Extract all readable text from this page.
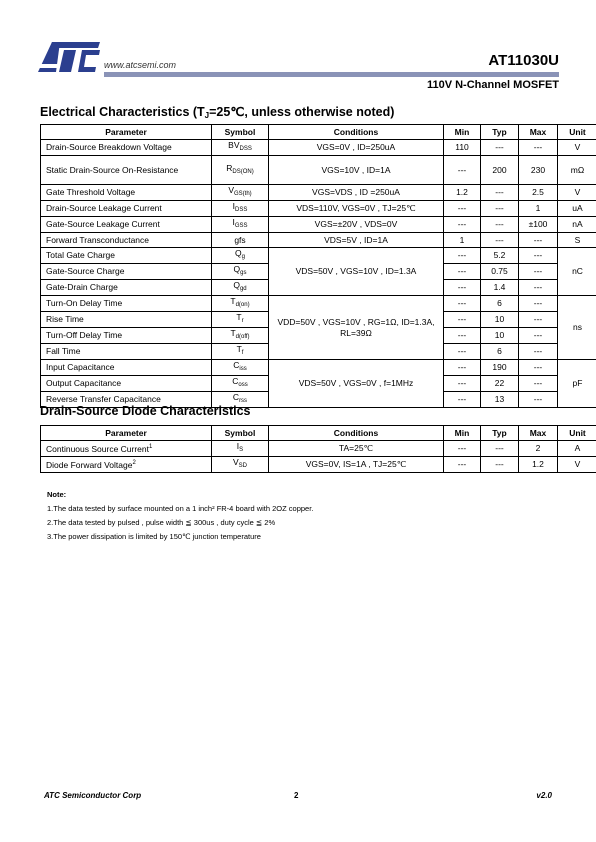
www.atcsemi.com	AT11030U
110V N-Channel MOSFET
Electrical Characteristics ($T_J=25℃$, unless otherwise noted)
Parameter	Symbol	Conditions	Min	Typ	Max	Unit
Drain-Source Breakdown Voltage	$BV_{DSS}$	VGS=0V , ID=250uA	110	---	---	V
Static Drain-Source On-Resistance	$R_{DS(ON)}$	VGS=10V , ID=1A	---	200	230	mΩ
Gate Threshold Voltage	$V_{GS(th)}$	VGS=VDS , ID =250uA	1.2	---	2.5	V
Drain-Source Leakage Current	$I_{DSS}$	VDS=110V, VGS=0V , TJ=25℃	---	---	1	uA
Gate-Source Leakage Current	$I_{GSS}$	VGS=±20V , VDS=0V	---	---	±100	nA
Forward Transconductance	gfs	VDS=5V , ID=1A	1	---	---	S
Total Gate Charge	$Q_g$	VDS=50V , VGS=10V , ID=1.3A	---	5.2	---	nC
Gate-Source Charge	$Q_{gs}$		---	0.75	---	
Gate-Drain Charge	$Q_{gd}$		---	1.4	---	
Turn-On Delay Time	$T_{d(on)}$	VDD=50V , VGS=10V , RG=1Ω, ID=1.3A, RL=39Ω	---	6	---	ns
Rise Time	$T_r$		---	10	---	
Turn-Off Delay Time	$T_{d(off)}$		---	10	---	
Fall Time	$T_f$		---	6	---	
Input Capacitance	$C_{iss}$	VDS=50V , VGS=0V , f=1MHz	---	190	---	pF
Output Capacitance	$C_{oss}$		---	22	---	
Reverse Transfer Capacitance	$C_{rss}$		---	13	---	
Drain-Source Diode Characteristics
Parameter	Symbol	Conditions	Min	Typ	Max	Unit
Continuous Source Current$^1$	$I_S$	TA=25℃	---	---	2	A
Diode Forward Voltage$^2$	$V_{SD}$	VGS=0V, IS=1A , TJ=25℃	---	---	1.2	V
Note:
1.The data tested by surface mounted on a 1 inch² FR-4 board with 2OZ copper.
2.The data tested by pulsed , pulse width ≦ 300us , duty cycle ≦ 2%
3.The power dissipation is limited by 150℃ junction temperature
ATC Semiconductor Corp	2	v2.0
